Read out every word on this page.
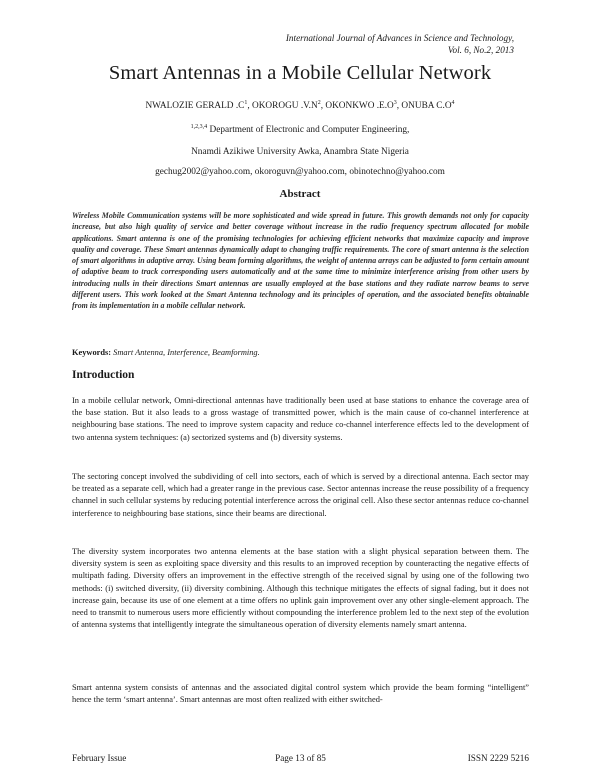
International Journal of Advances in Science and Technology,
Vol. 6, No.2, 2013
Smart Antennas in a Mobile Cellular Network
NWALOZIE GERALD $.C^1$, OKOROGU $.V.N^2$, OKONKWO $.E.O^3$, ONUBA $C.O^4$
$^{1,2,3,4}$ Department of Electronic and Computer Engineering,
Nnamdi Azikiwe University Awka, Anambra State Nigeria
gechug2002@yahoo.com, okoroguvn@yahoo.com, obinotechno@yahoo.com
Abstract
Wireless Mobile Communication systems will be more sophisticated and wide spread in future. This growth demands not only for capacity increase, but also high quality of service and better coverage without increase in the radio frequency spectrum allocated for mobile applications. Smart antenna is one of the promising technologies for achieving efficient networks that maximize capacity and improve quality and coverage. These Smart antennas dynamically adapt to changing traffic requirements. The core of smart antenna is the selection of smart algorithms in adaptive array. Using beam forming algorithms, the weight of antenna arrays can be adjusted to form certain amount of adaptive beam to track corresponding users automatically and at the same time to minimize interference arising from other users by introducing nulls in their directions Smart antennas are usually employed at the base stations and they radiate narrow beams to serve different users. This work looked at the Smart Antenna technology and its principles of operation, and the associated benefits obtainable from its implementation in a mobile cellular network.
Keywords: Smart Antenna, Interference, Beamforming.
Introduction
In a mobile cellular network, Omni-directional antennas have traditionally been used at base stations to enhance the coverage area of the base station. But it also leads to a gross wastage of transmitted power, which is the main cause of co-channel interference at neighbouring base stations. The need to improve system capacity and reduce co-channel interference effects led to the development of two antenna system techniques: (a) sectorized systems and (b) diversity systems.
The sectoring concept involved the subdividing of cell into sectors, each of which is served by a directional antenna. Each sector may be treated as a separate cell, which had a greater range in the previous case. Sector antennas increase the reuse possibility of a frequency channel in such cellular systems by reducing potential interference across the original cell. Also these sector antennas reduce co-channel interference to neighbouring base stations, since their beams are directional.
The diversity system incorporates two antenna elements at the base station with a slight physical separation between them. The diversity system is seen as exploiting space diversity and this results to an improved reception by counteracting the negative effects of multipath fading. Diversity offers an improvement in the effective strength of the received signal by using one of the following two methods: (i) switched diversity, (ii) diversity combining. Although this technique mitigates the effects of signal fading, but it does not increase gain, because its use of one element at a time offers no uplink gain improvement over any other single-element approach. The need to transmit to numerous users more efficiently without compounding the interference problem led to the next step of the evolution of antenna systems that intelligently integrate the simultaneous operation of diversity elements namely smart antenna.
Smart antenna system consists of antennas and the associated digital control system which provide the beam forming “intelligent” hence the term ‘smart antenna’. Smart antennas are most often realized with either switched-
February Issue	Page 13 of 85	ISSN 2229 5216
